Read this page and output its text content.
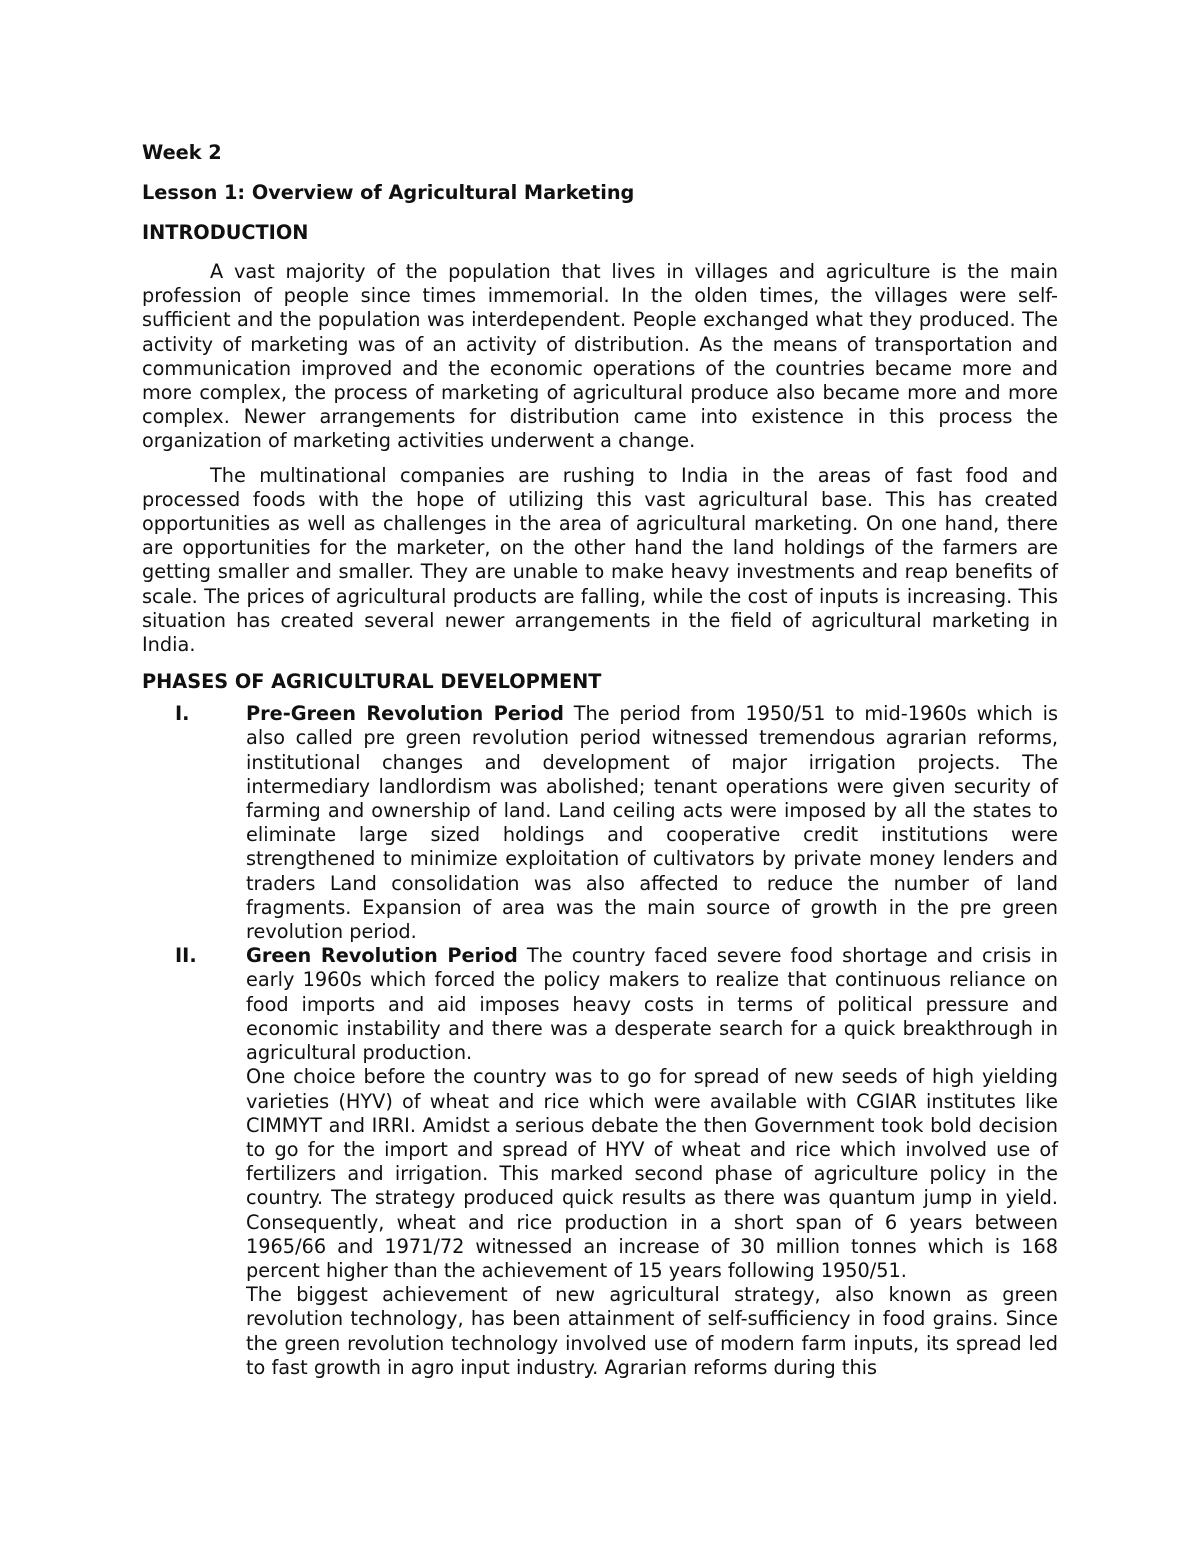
Week 2
Lesson 1: Overview of Agricultural Marketing
INTRODUCTION

A vast majority of the population that lives in villages and agriculture is the main profession of people since times immemorial. In the olden times, the villages were self-sufficient and the population was interdependent. People exchanged what they produced. The activity of marketing was of an activity of distribution. As the means of transportation and communication improved and the economic operations of the countries became more and more complex, the process of marketing of agricultural produce also became more and more complex. Newer arrangements for distribution came into existence in this process the organization of marketing activities underwent a change.

The multinational companies are rushing to India in the areas of fast food and processed foods with the hope of utilizing this vast agricultural base. This has created opportunities as well as challenges in the area of agricultural marketing. On one hand, there are opportunities for the marketer, on the other hand the land holdings of the farmers are getting smaller and smaller. They are unable to make heavy investments and reap benefits of scale. The prices of agricultural products are falling, while the cost of inputs is increasing. This situation has created several newer arrangements in the field of agricultural marketing in India.

PHASES OF AGRICULTURAL DEVELOPMENT
I.	Pre-Green Revolution Period The period from 1950/51 to mid-1960s which is also called pre green revolution period witnessed tremendous agrarian reforms, institutional changes and development of major irrigation projects. The intermediary landlordism was abolished; tenant operations were given security of farming and ownership of land. Land ceiling acts were imposed by all the states to eliminate large sized holdings and cooperative credit institutions were strengthened to minimize exploitation of cultivators by private money lenders and traders Land consolidation was also affected to reduce the number of land fragments. Expansion of area was the main source of growth in the pre green revolution period.

II.	Green Revolution Period The country faced severe food shortage and crisis in early 1960s which forced the policy makers to realize that continuous reliance on food imports and aid imposes heavy costs in terms of political pressure and economic instability and there was a desperate search for a quick breakthrough in agricultural production.

One choice before the country was to go for spread of new seeds of high yielding varieties (HYV) of wheat and rice which were available with CGIAR institutes like CIMMYT and IRRI. Amidst a serious debate the then Government took bold decision to go for the import and spread of HYV of wheat and rice which involved use of fertilizers and irrigation. This marked second phase of agriculture policy in the country. The strategy produced quick results as there was quantum jump in yield. Consequently, wheat and rice production in a short span of 6 years between 1965/66 and 1971/72 witnessed an increase of 30 million tonnes which is 168 percent higher than the achievement of 15 years following 1950/51.

The biggest achievement of new agricultural strategy, also known as green revolution technology, has been attainment of self-sufficiency in food grains. Since the green revolution technology involved use of modern farm inputs, its spread led to fast growth in agro input industry. Agrarian reforms during this
